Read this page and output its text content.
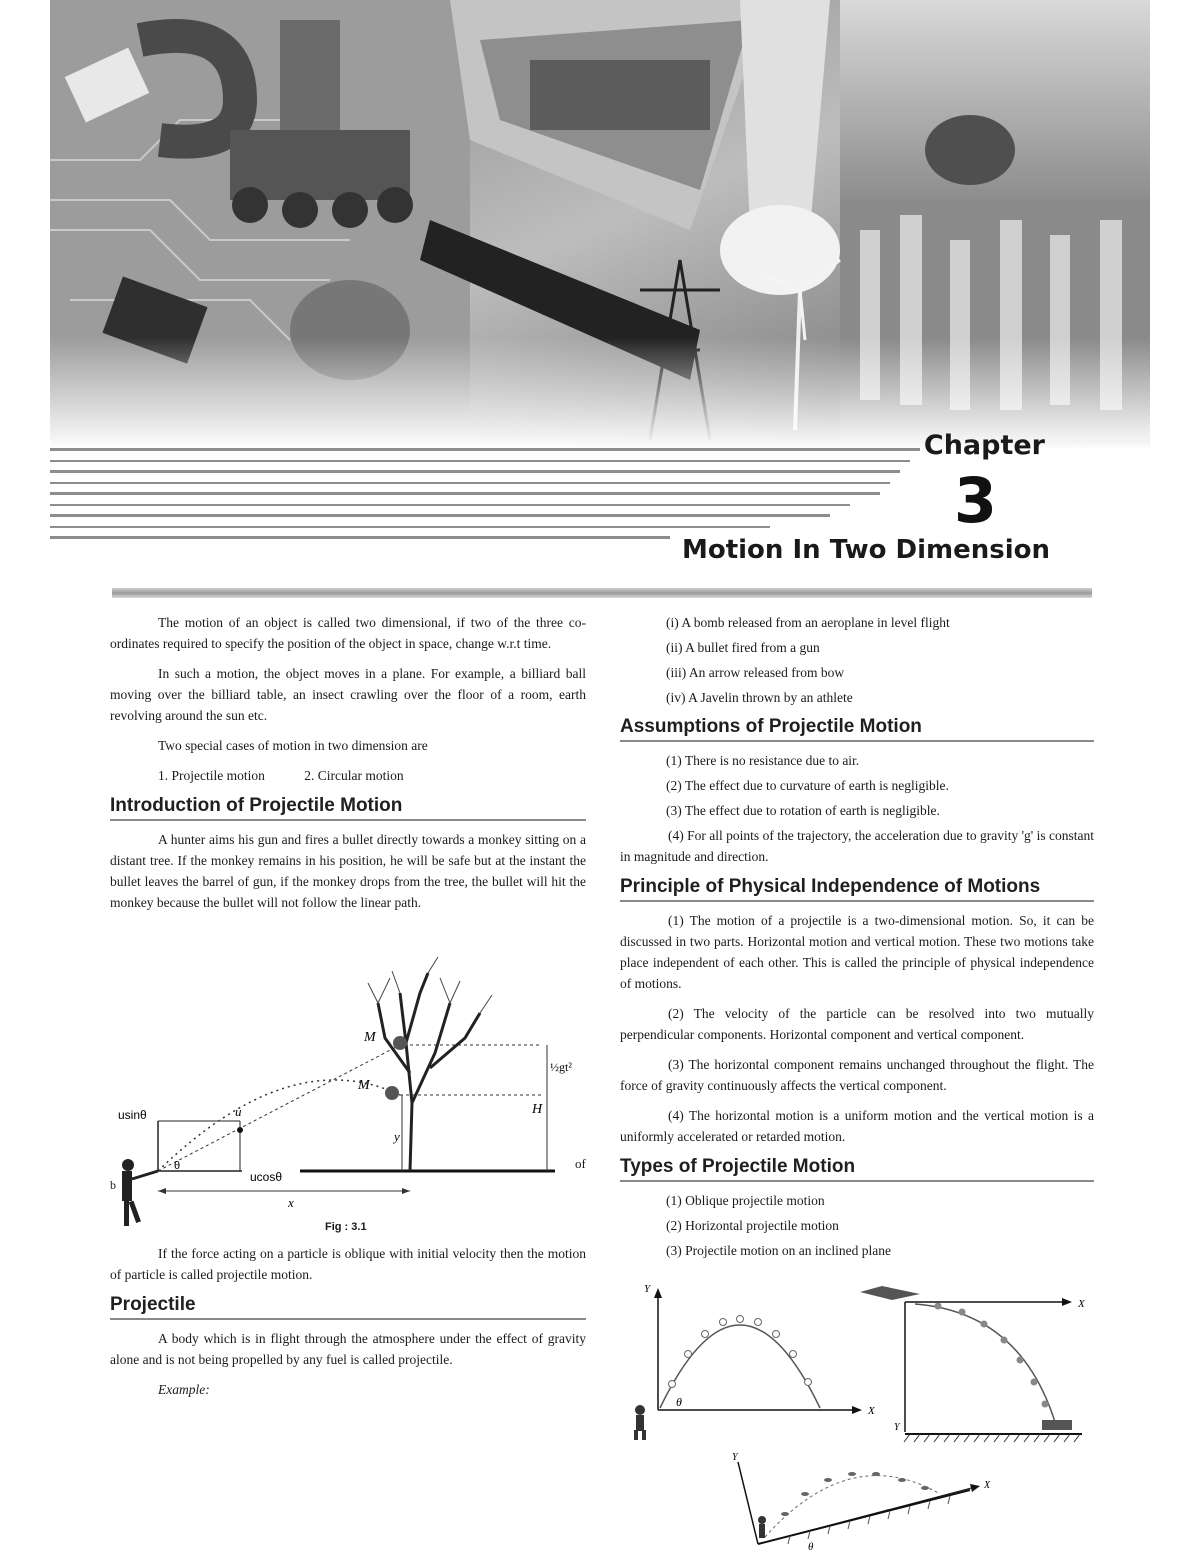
Chapter
3
Motion In Two Dimension

The motion of an object is called two dimensional, if two of the three co-ordinates required to specify the position of the object in space, change w.r.t time.

In such a motion, the object moves in a plane. For example, a billiard ball moving over the billiard table, an insect crawling over the floor of a room, earth revolving around the sun etc.

Two special cases of motion in two dimension are

1. Projectile motion	2. Circular motion
Introduction of Projectile Motion

A hunter aims his gun and fires a bullet directly towards a monkey sitting on a distant tree. If the monkey remains in his position, he will be safe but at the instant the bullet leaves the barrel of gun, if the monkey drops from the tree, the bullet will hit the monkey because the bullet will not follow the linear path.

usinθ	u
θ
ucosθ
x
y
H
M
M
½gt²
of
b
Fig : 3.1

If the force acting on a particle is oblique with initial velocity then the motion of particle is called projectile motion.

Projectile

A body which is in flight through the atmosphere under the effect of gravity alone and is not being propelled by any fuel is called projectile.

Example:
(i) A bomb released from an aeroplane in level flight
(ii) A bullet fired from a gun
(iii) An arrow released from bow
(iv) A Javelin thrown by an athlete
Assumptions of Projectile Motion
(1) There is no resistance due to air.
(2) The effect due to curvature of earth is negligible.
(3) The effect due to rotation of earth is negligible.

(4) For all points of the trajectory, the acceleration due to gravity 'g' is constant in magnitude and direction.

Principle of Physical Independence of Motions

(1) The motion of a projectile is a two-dimensional motion. So, it can be discussed in two parts. Horizontal motion and vertical motion. These two motions take place independent of each other. This is called the principle of physical independence of motions.

(2) The velocity of the particle can be resolved into two mutually perpendicular components. Horizontal component and vertical component.

(3) The horizontal component remains unchanged throughout the flight. The force of gravity continuously affects the vertical component.

(4) The horizontal motion is a uniform motion and the vertical motion is a uniformly accelerated or retarded motion.

Types of Projectile Motion
(1) Oblique projectile motion
(2) Horizontal projectile motion
(3) Projectile motion on an inclined plane
Y
X
θ
X
Y
Y
X
θ
